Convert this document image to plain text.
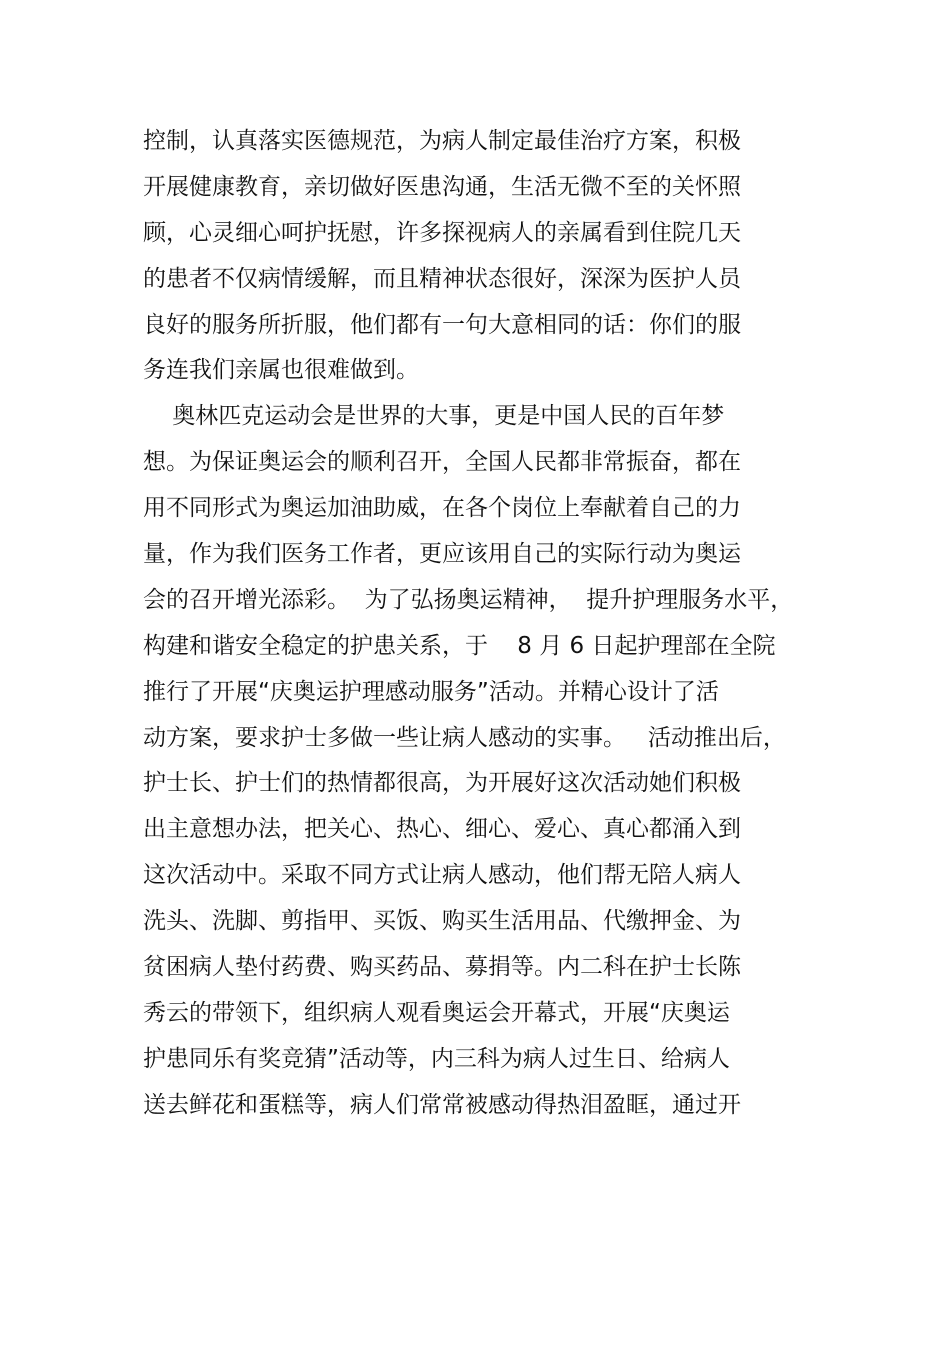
控制，认真落实医德规范，为病人制定最佳治疗方案，积极
开展健康教育，亲切做好医患沟通，生活无微不至的关怀照
顾，心灵细心呵护抚慰，许多探视病人的亲属看到住院几天
的患者不仅病情缓解，而且精神状态很好，深深为医护人员
良好的服务所折服，他们都有一句大意相同的话：你们的服
务连我们亲属也很难做到。
奥林匹克运动会是世界的大事，更是中国人民的百年梦
想。为保证奥运会的顺利召开，全国人民都非常振奋，都在
用不同形式为奥运加油助威，在各个岗位上奉献着自己的力
量，作为我们医务工作者，更应该用自己的实际行动为奥运
会的召开增光添彩。  为了弘扬奥运精神，  提升护理服务水平，
构建和谐安全稳定的护患关系，于    8 月 6 日起护理部在全院
推行了开展“庆奥运护理感动服务”活动。并精心设计了活
动方案，要求护士多做一些让病人感动的实事。   活动推出后，
护士长、护士们的热情都很高，为开展好这次活动她们积极
出主意想办法，把关心、热心、细心、爱心、真心都涌入到
这次活动中。采取不同方式让病人感动，他们帮无陪人病人
洗头、洗脚、剪指甲、买饭、购买生活用品、代缴押金、为
贫困病人垫付药费、购买药品、募捐等。内二科在护士长陈
秀云的带领下，组织病人观看奥运会开幕式，开展“庆奥运
护患同乐有奖竞猜”活动等，内三科为病人过生日、给病人
送去鲜花和蛋糕等，病人们常常被感动得热泪盈眶，通过开
